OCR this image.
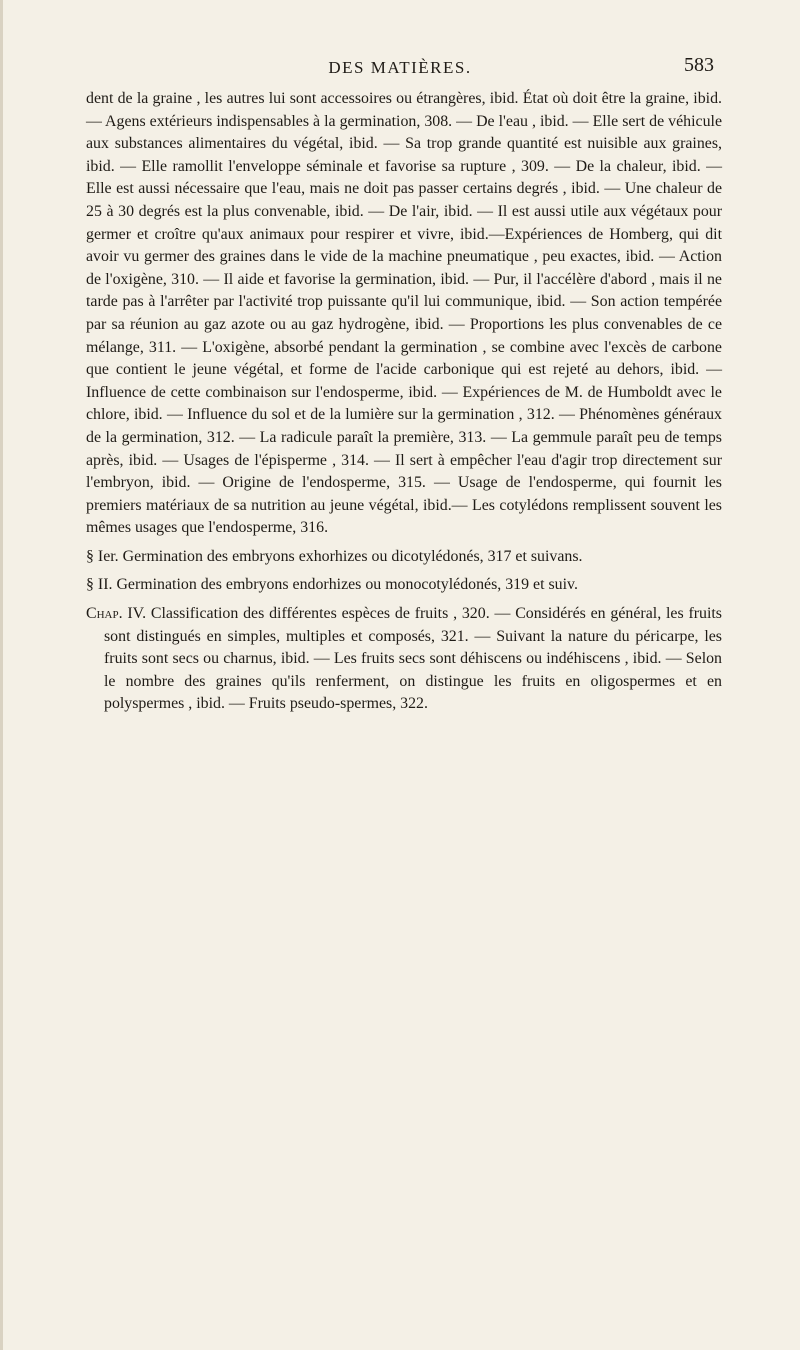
DES MATIÈRES.	583

dent de la graine , les autres lui sont accessoires ou étrangères, ibid. État où doit être la graine, ibid. — Agens extérieurs indispensables à la germination, 308. — De l'eau , ibid. — Elle sert de véhicule aux substances alimentaires du végétal, ibid. — Sa trop grande quantité est nuisible aux graines, ibid. — Elle ramollit l'enveloppe séminale et favorise sa rupture , 309. — De la chaleur, ibid. — Elle est aussi nécessaire que l'eau, mais ne doit pas passer certains degrés , ibid. — Une chaleur de 25 à 30 degrés est la plus convenable, ibid. — De l'air, ibid. — Il est aussi utile aux végétaux pour germer et croître qu'aux animaux pour respirer et vivre, ibid.—Expériences de Homberg, qui dit avoir vu germer des graines dans le vide de la machine pneumatique , peu exactes, ibid. — Action de l'oxigène, 310. — Il aide et favorise la germination, ibid. — Pur, il l'accélère d'abord , mais il ne tarde pas à l'arrêter par l'activité trop puissante qu'il lui communique, ibid. — Son action tempérée par sa réunion au gaz azote ou au gaz hydrogène, ibid. — Proportions les plus convenables de ce mélange, 311. — L'oxigène, absorbé pendant la germination , se combine avec l'excès de carbone que contient le jeune végétal, et forme de l'acide carbonique qui est rejeté au dehors, ibid. — Influence de cette combinaison sur l'endosperme, ibid. — Expériences de M. de Humboldt avec le chlore, ibid. — Influence du sol et de la lumière sur la germination , 312. — Phénomènes généraux de la germination, 312. — La radicule paraît la première, 313. — La gemmule paraît peu de temps après, ibid. — Usages de l'épisperme , 314. — Il sert à empêcher l'eau d'agir trop directement sur l'embryon, ibid. — Origine de l'endosperme, 315. — Usage de l'endosperme, qui fournit les premiers matériaux de sa nutrition au jeune végétal, ibid.— Les cotylédons remplissent souvent les mêmes usages que l'endosperme, 316.

§ Ier. Germination des embryons exhorhizes ou dicotylédonés, 317 et suivans.

§ II. Germination des embryons endorhizes ou monocotylédonés, 319 et suiv.

Chap. IV. Classification des différentes espèces de fruits , 320. — Considérés en général, les fruits sont distingués en simples, multiples et composés, 321. — Suivant la nature du péricarpe, les fruits sont secs ou charnus, ibid. — Les fruits secs sont déhiscens ou indéhiscens , ibid. — Selon le nombre des graines qu'ils renferment, on distingue les fruits en oligospermes et en polyspermes , ibid. — Fruits pseudo-spermes, 322.
